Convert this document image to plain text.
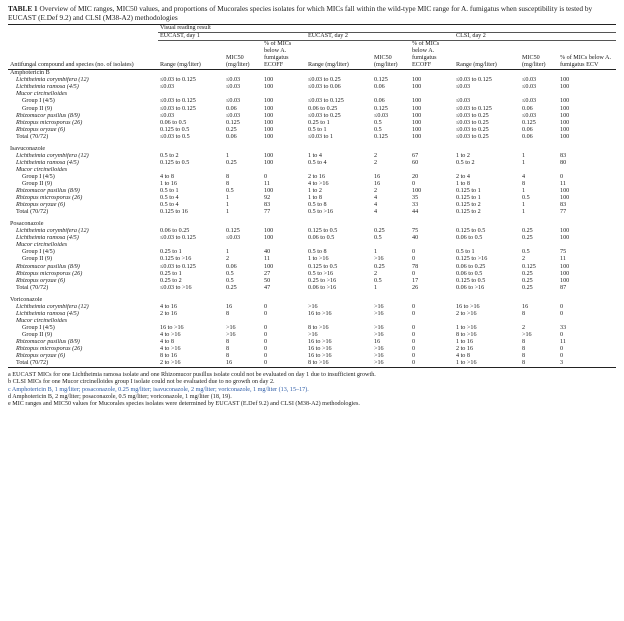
TABLE 1 Overview of MIC ranges, MIC50 values, and proportions of Mucorales species isolates for which MICs fall within the wild-type MIC range for A. fumigatus when susceptibility is tested by EUCAST (E.Def 9.2) and CLSI (M38-A2) methodologies
	Visual reading result								
	EUCAST, day 1			EUCAST, day 2			CLSI, day 2		
Antifungal compound and species (no. of isolates)	Range (mg/liter)	MIC50 (mg/liter)	% of MICs below A. fumigatus ECOFF	Range (mg/liter)	MIC50 (mg/liter)	% of MICs below A. fumigatus ECOFF	Range (mg/liter)	MIC50 (mg/liter)	% of MICs below A. fumigatus ECV
Amphotericin B									
Lichtheimia corymbifera (12)	≤0.03 to 0.125	≤0.03	100	≤0.03 to 0.25	0.125	100	≤0.03 to 0.125	≤0.03	100
Lichtheimia ramosa (4/5)	≤0.03	≤0.03	100	≤0.03 to 0.06	0.06	100	≤0.03	≤0.03	100
Mucor circinelloides									
Group I (4/5)	≤0.03 to 0.125	≤0.03	100	≤0.03 to 0.125	0.06	100	≤0.03	≤0.03	100
Group II (9)	≤0.03 to 0.125	0.06	100	0.06 to 0.25	0.125	100	≤0.03 to 0.125	0.06	100
Rhizomucor pusillus (8/9)	≤0.03	≤0.03	100	≤0.03 to 0.25	≤0.03	100	≤0.03 to 0.25	≤0.03	100
Rhizopus microsporus (26)	0.06 to 0.5	0.125	100	0.25 to 1	0.5	100	≤0.03 to 0.25	0.125	100
Rhizopus oryzae (6)	0.125 to 0.5	0.25	100	0.5 to 1	0.5	100	≤0.03 to 0.25	0.06	100
Total (70/72)	≤0.03 to 0.5	0.06	100	≤0.03 to 1	0.125	100	≤0.03 to 0.25	0.06	100

Isavuconazole									
Lichtheimia corymbifera (12)	0.5 to 2	1	100	1 to 4	2	67	1 to 2	1	83
Lichtheimia ramosa (4/5)	0.125 to 0.5	0.25	100	0.5 to 4	2	60	0.5 to 2	1	80
Mucor circinelloides									
Group I (4/5)	4 to 8	8	0	2 to 16	16	20	2 to 4	4	0
Group II (9)	1 to 16	8	11	4 to >16	16	0	1 to 8	8	11
Rhizomucor pusillus (8/9)	0.5 to 1	0.5	100	1 to 2	2	100	0.125 to 1	1	100
Rhizopus microsporus (26)	0.5 to 4	1	92	1 to 8	4	35	0.125 to 1	0.5	100
Rhizopus oryzae (6)	0.5 to 4	1	83	0.5 to 8	4	33	0.125 to 2	1	83
Total (70/72)	0.125 to 16	1	77	0.5 to >16	4	44	0.125 to 2	1	77

Posaconazole									
Lichtheimia corymbifera (12)	0.06 to 0.25	0.125	100	0.125 to 0.5	0.25	75	0.125 to 0.5	0.25	100
Lichtheimia ramosa (4/5)	≤0.03 to 0.125	≤0.03	100	0.06 to 0.5	0.5	40	0.06 to 0.5	0.25	100
Mucor circinelloides									
Group I (4/5)	0.25 to 1	1	40	0.5 to 8	1	0	0.5 to 1	0.5	75
Group II (9)	0.125 to >16	2	11	1 to >16	>16	0	0.125 to >16	2	11
Rhizomucor pusillus (8/9)	≤0.03 to 0.125	0.06	100	0.125 to 0.5	0.25	78	0.06 to 0.25	0.125	100
Rhizopus microsporus (26)	0.25 to 1	0.5	27	0.5 to >16	2	0	0.06 to 0.5	0.25	100
Rhizopus oryzae (6)	0.25 to 2	0.5	50	0.25 to >16	0.5	17	0.125 to 0.5	0.25	100
Total (70/72)	≤0.03 to >16	0.25	47	0.06 to >16	1	26	0.06 to >16	0.25	87

Voriconazole									
Lichtheimia corymbifera (12)	4 to 16	16	0	>16	>16	0	16 to >16	16	0
Lichtheimia ramosa (4/5)	2 to 16	8	0	16 to >16	>16	0	2 to >16	8	0
Mucor circinelloides									
Group I (4/5)	16 to >16	>16	0	8 to >16	>16	0	1 to >16	2	33
Group II (9)	4 to >16	>16	0	>16	>16	0	8 to >16	>16	0
Rhizomucor pusillus (8/9)	4 to 8	8	0	16 to >16	16	0	1 to 16	8	11
Rhizopus microsporus (26)	4 to >16	8	0	16 to >16	>16	0	2 to 16	8	0
Rhizopus oryzae (6)	8 to 16	8	0	16 to >16	>16	0	4 to 8	8	0
Total (70/72)	2 to >16	16	0	8 to >16	>16	0	1 to >16	8	3
a EUCAST MICs for one Lichtheimia ramosa isolate and one Rhizomucor pusillus isolate could not be evaluated on day 1 due to insufficient growth.
b CLSI MICs for one Mucor circinelloides group I isolate could not be evaluated due to no growth on day 2.
c Amphotericin B, 1 mg/liter; posaconazole, 0.25 mg/liter; isavuconazole, 2 mg/liter; voriconazole, 1 mg/liter (13, 15–17).
d Amphotericin B, 2 mg/liter; posaconazole, 0.5 mg/liter; voriconazole, 1 mg/liter (18, 19).
e MIC ranges and MIC50 values for Mucorales species isolates were determined by EUCAST (E.Def 9.2) and CLSI (M38-A2) methodologies.
